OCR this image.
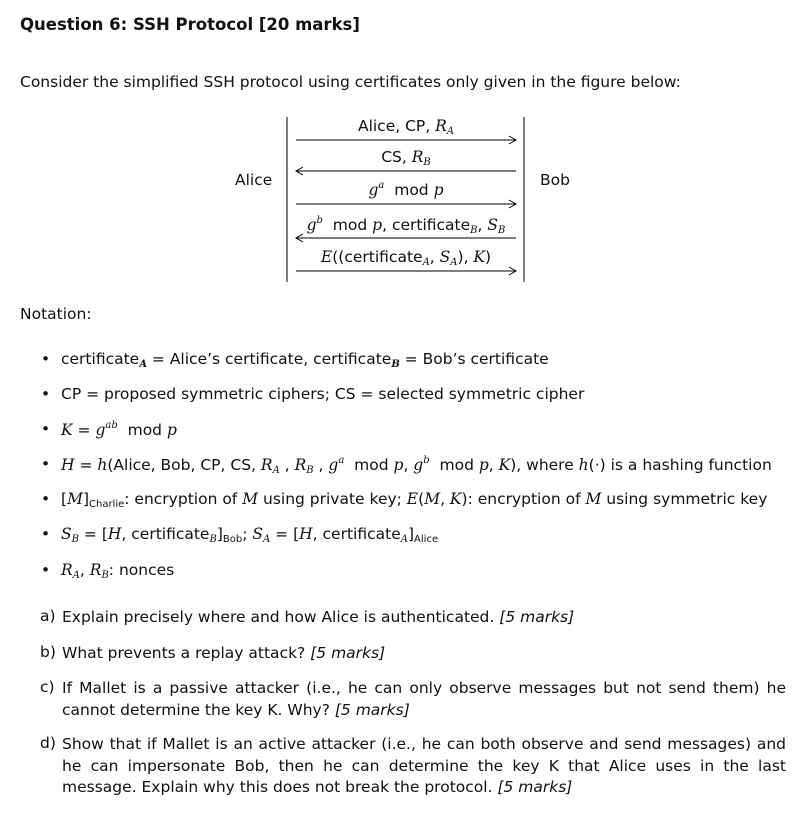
Question 6: SSH Protocol [20 marks]
Consider the simplified SSH protocol using certificates only given in the figure below:
Alice	Bob
Alice, CP, $R_A$
CS, $R_B$
$g^a$  mod p
$g^b$  mod p, certificate$_B$, $S_B$
E((certificate$_A$, $S_A$), K)
Notation:
• certificateA = Alice’s certificate, certificateB = Bob’s certificate
• CP = proposed symmetric ciphers; CS = selected symmetric cipher
• $K = g^{ab}$  mod p
• H = h(Alice, Bob, CP, CS, $R_A$ , $R_B$ , $g^a$  mod p, $g^b$  mod p, K), where h(·) is a hashing function
• $[M]_{Charlie}$: encryption of M using private key; E(M, K): encryption of M using symmetric key
• $S_B = [H$, $certificate_B]_{Bob}$; $S_A = [H$, $certificate_A]_{Alice}$
• $R_A$, $R_B$: nonces
a) Explain precisely where and how Alice is authenticated. [5 marks]
b) What prevents a replay attack? [5 marks]
c) If Mallet is a passive attacker (i.e., he can only observe messages but not send them) he cannot determine the key K. Why? [5 marks]
d) Show that if Mallet is an active attacker (i.e., he can both observe and send messages) and he can impersonate Bob, then he can determine the key K that Alice uses in the last message. Explain why this does not break the protocol. [5 marks]
